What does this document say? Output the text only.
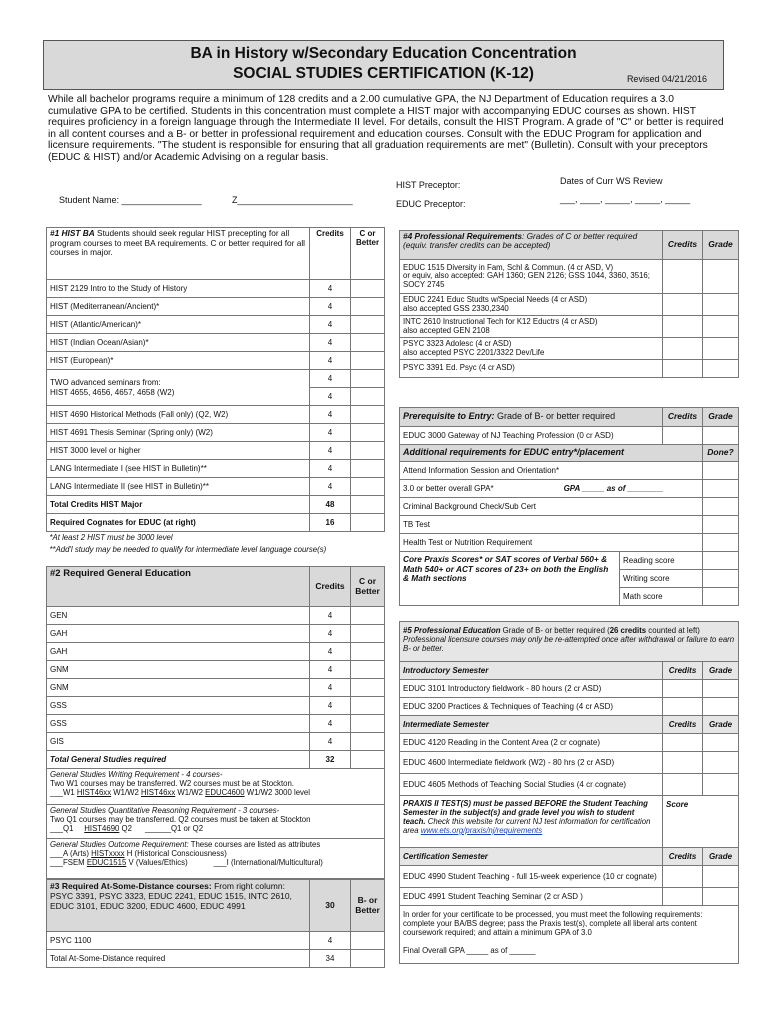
BA in History w/Secondary Education Concentration
SOCIAL STUDIES CERTIFICATION (K-12)	Revised 04/21/2016
While all bachelor programs require a minimum of 128 credits and a 2.00 cumulative GPA, the NJ Department of Education requires a 3.0 cumulative GPA to be certified. Students in this concentration must complete a HIST major with accompanying EDUC courses as shown. HIST requires proficiency in a foreign language through the Intermediate II level. For details, consult the HIST Program. A grade of "C" or better is required in all content courses and a B- or better in professional requirement and education courses. Consult with the EDUC Program for application and licensure requirements. "The student is responsible for ensuring that all graduation requirements are met" (Bulletin). Consult with your preceptors (EDUC & HIST) and/or Academic Advising on a regular basis.
HIST Preceptor:	Dates of Curr WS Review
Student Name: ________________	Z_______________________	___, ____, _____, _____, _____
EDUC Preceptor:
#1 HIST BA Students should seek regular HIST precepting for all program courses to meet BA requirements. C or better required for all courses in major.	Credits	C or Better
HIST 2129 Intro to the Study of History	4	
HIST (Mediterranean/Ancient)*	4	
HIST (Atlantic/American)*	4	
HIST (Indian Ocean/Asian)*	4	
HIST (European)*	4	
TWO advanced seminars from:
HIST 4655, 4656, 4657, 4658 (W2)	4	
	4	
HIST 4690 Historical Methods (Fall only) (Q2, W2)	4	
HIST 4691 Thesis Seminar (Spring only) (W2)	4	
HIST 3000 level or higher	4	
LANG Intermediate I (see HIST in Bulletin)**	4	
LANG Intermediate II (see HIST in Bulletin)**	4	
Total Credits HIST Major	48	
Required Cognates for EDUC (at right)	16	
*At least 2 HIST must be 3000 level		
**Add'l study may be needed to qualify for intermediate level language course(s)		
#2 Required General Education	Credits	C or Better
GEN	4	
GAH	4	
GAH	4	
GNM	4	
GNM	4	
GSS	4	
GSS	4	
GIS	4	
Total General Studies required	32	
General Studies Writing Requirement - 4 courses-
Two W1 courses may be transferred. W2 courses must be at Stockton.
___W1 HIST46xx W1/W2 HIST46xx W1/W2 EDUC4600 W1/W2 3000 level		
General Studies Quantitative Reasoning Requirement - 3 courses-
Two Q1 courses may be transferred. Q2 courses must be taken at Stockton
___Q1 HIST4690 Q2 ______Q1 or Q2		
General Studies Outcome Requirement: These courses are listed as attributes
___A (Arts) HISTxxxx H (Historical Consciousness)
___FSEM EDUC1515 V (Values/Ethics) ___I (International/Multicultural)		
#3 Required At-Some-Distance courses: From right column: PSYC 3391, PSYC 3323, EDUC 2241, EDUC 1515, INTC 2610, EDUC 3101, EDUC 3200, EDUC 4600, EDUC 4991	30	B- or Better
PSYC 1100	4	
Total At-Some-Distance required	34	
#4 Professional Requirements: Grades of C or better required (equiv. transfer credits can be accepted)	Credits	Grade
EDUC 1515 Diversity in Fam, Schl & Commun. (4 cr ASD, V)
or equiv, also accepted: GAH 1360; GEN 2126; GSS 1044, 3360, 3516; SOCY 2745		
EDUC 2241 Educ Studts w/Special Needs (4 cr ASD)
also accepted GSS 2330,2340		
INTC 2610 Instructional Tech for K12 Eductrs (4 cr ASD)
also accepted GEN 2108		
PSYC 3323 Adolesc (4 cr ASD)
also accepted PSYC 2201/3322 Dev/Life		
PSYC 3391 Ed. Psyc (4 cr ASD)		
Prerequisite to Entry: Grade of B- or better required		Credits	Grade
EDUC 3000 Gateway of NJ Teaching Profession (0 cr ASD)			
Additional requirements for EDUC entry*/placement			Done?
Attend Information Session and Orientation*			
3.0 or better overall GPA* GPA _____ as of ________			
Criminal Background Check/Sub Cert			
TB Test			
Health Test or Nutrition Requirement			
Core Praxis Scores* or SAT scores of Verbal 560+ & Math 540+ or ACT scores of 23+ on both the English & Math sections	Reading score		
	Writing score		
	Math score		
#5 Professional Education Grade of B- or better required (26 credits counted at left) Professional licensure courses may only be re-attempted once after withdrawal or failure to earn B- or better.		
Introductory Semester	Credits	Grade
EDUC 3101 Introductory fieldwork - 80 hours (2 cr ASD)		
EDUC 3200 Practices & Techniques of Teaching (4 cr ASD)		
Intermediate Semester	Credits	Grade
EDUC 4120 Reading in the Content Area (2 cr cognate)		
EDUC 4600 Intermediate fieldwork (W2) - 80 hrs (2 cr ASD)		
EDUC 4605 Methods of Teaching Social Studies (4 cr cognate)		
PRAXIS II TEST(S) must be passed BEFORE the Student Teaching Semester in the subject(s) and grade level you wish to student teach. Check this website for current NJ test information for certification area www.ets.org/praxis/nj/requirements	Score	
Certification Semester	Credits	Grade
EDUC 4990 Student Teaching - full 15-week experience (10 cr cognate)		
EDUC 4991 Student Teaching Seminar (2 cr ASD )		
In order for your certificate to be processed, you must meet the following requirements: complete your BA/BS degree; pass the Praxis test(s), complete all liberal arts content coursework required; and attain a minimum GPA of 3.0

Final Overall GPA _____ as of ______		
